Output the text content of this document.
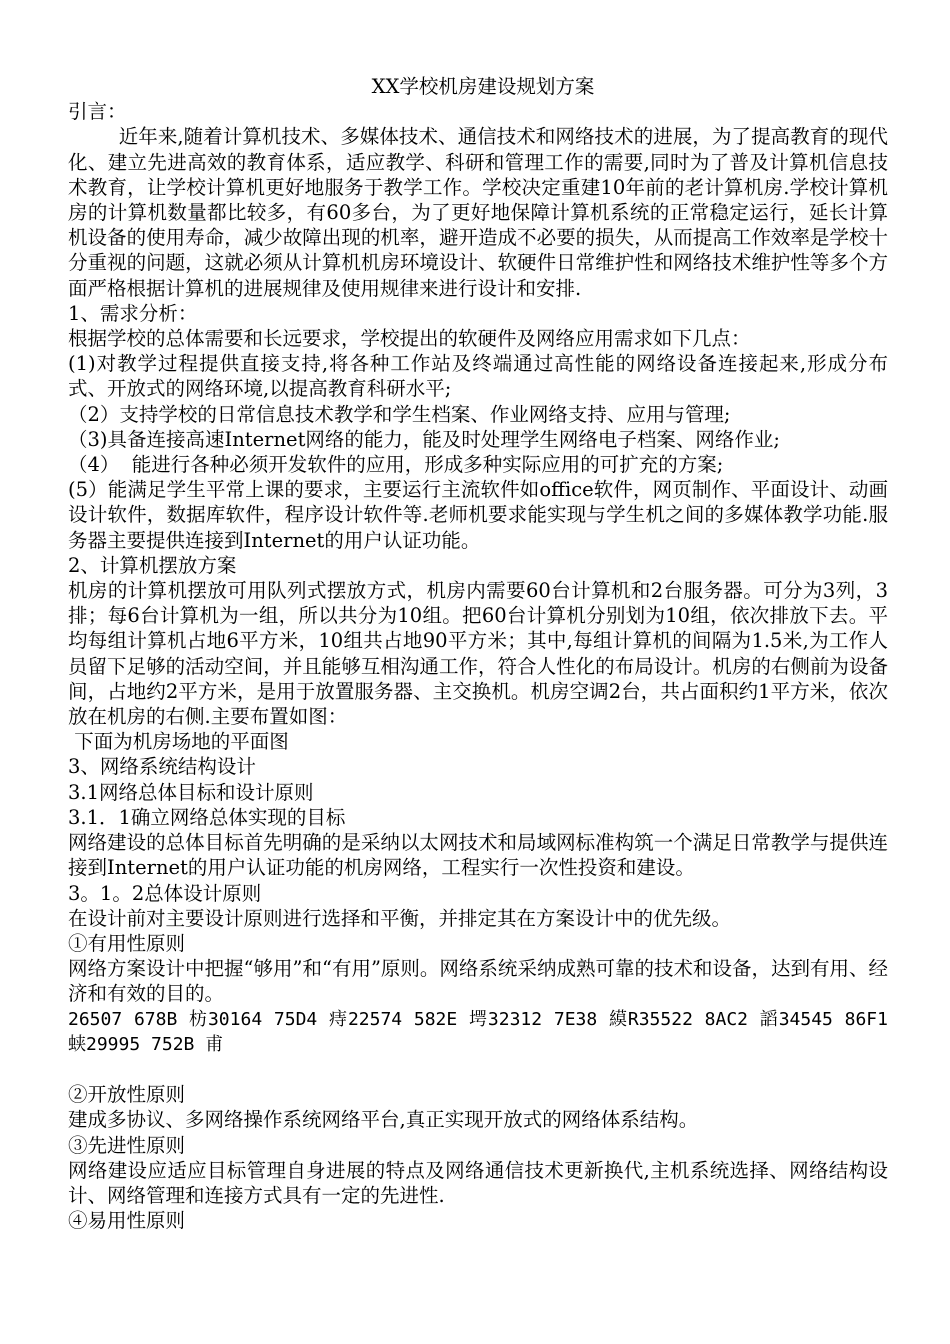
XX学校机房建设规划方案

引言：

近年来,随着计算机技术、多媒体技术、通信技术和网络技术的进展，为了提高教育的现代化、建立先进高效的教育体系，适应教学、科研和管理工作的需要,同时为了普及计算机信息技术教育，让学校计算机更好地服务于教学工作。学校决定重建10年前的老计算机房.学校计算机房的计算机数量都比较多，有60多台，为了更好地保障计算机系统的正常稳定运行，延长计算机设备的使用寿命，减少故障出现的机率，避开造成不必要的损失，从而提高工作效率是学校十分重视的问题，这就必须从计算机机房环境设计、软硬件日常维护性和网络技术维护性等多个方面严格根据计算机的进展规律及使用规律来进行设计和安排.

1、需求分析：

根据学校的总体需要和长远要求，学校提出的软硬件及网络应用需求如下几点：

(1)对教学过程提供直接支持,将各种工作站及终端通过高性能的网络设备连接起来,形成分布式、开放式的网络环境,以提高教育科研水平;

（2）支持学校的日常信息技术教学和学生档案、作业网络支持、应用与管理;

（3)具备连接高速Internet网络的能力，能及时处理学生网络电子档案、网络作业;

（4）  能进行各种必须开发软件的应用，形成多种实际应用的可扩充的方案;

(5）能满足学生平常上课的要求，主要运行主流软件如office软件，网页制作、平面设计、动画设计软件，数据库软件，程序设计软件等.老师机要求能实现与学生机之间的多媒体教学功能.服务器主要提供连接到Internet的用户认证功能。

2、计算机摆放方案

机房的计算机摆放可用队列式摆放方式，机房内需要60台计算机和2台服务器。可分为3列，3排；每6台计算机为一组，所以共分为10组。把60台计算机分别划为10组，依次排放下去。平均每组计算机占地6平方米，10组共占地90平方米；其中,每组计算机的间隔为1.5米,为工作人员留下足够的活动空间，并且能够互相沟通工作，符合人性化的布局设计。机房的右侧前为设备间，占地约2平方米，是用于放置服务器、主交换机。机房空调2台，共占面积约1平方米，依次放在机房的右侧.主要布置如图：

下面为机房场地的平面图

3、网络系统结构设计

3.1网络总体目标和设计原则

3.1．1确立网络总体实现的目标

网络建设的总体目标首先明确的是采纳以太网技术和局域网标准构筑一个满足日常教学与提供连接到Internet的用户认证功能的机房网络，工程实行一次性投资和建设。

3。1。2总体设计原则

在设计前对主要设计原则进行选择和平衡，并排定其在方案设计中的优先级。

①有用性原则

网络方案设计中把握“够用”和“有用”原则。网络系统采纳成熟可靠的技术和设备，达到有用、经济和有效的目的。

26507 678B 枋30164 75D4 痔22574 582E 堮32312 7E38 縸R35522 8AC2 謟34545 86F1 蛱29995 752B 甫

②开放性原则

建成多协议、多网络操作系统网络平台,真正实现开放式的网络体系结构。

③先进性原则

网络建设应适应目标管理自身进展的特点及网络通信技术更新换代,主机系统选择、网络结构设计、网络管理和连接方式具有一定的先进性.

④易用性原则
